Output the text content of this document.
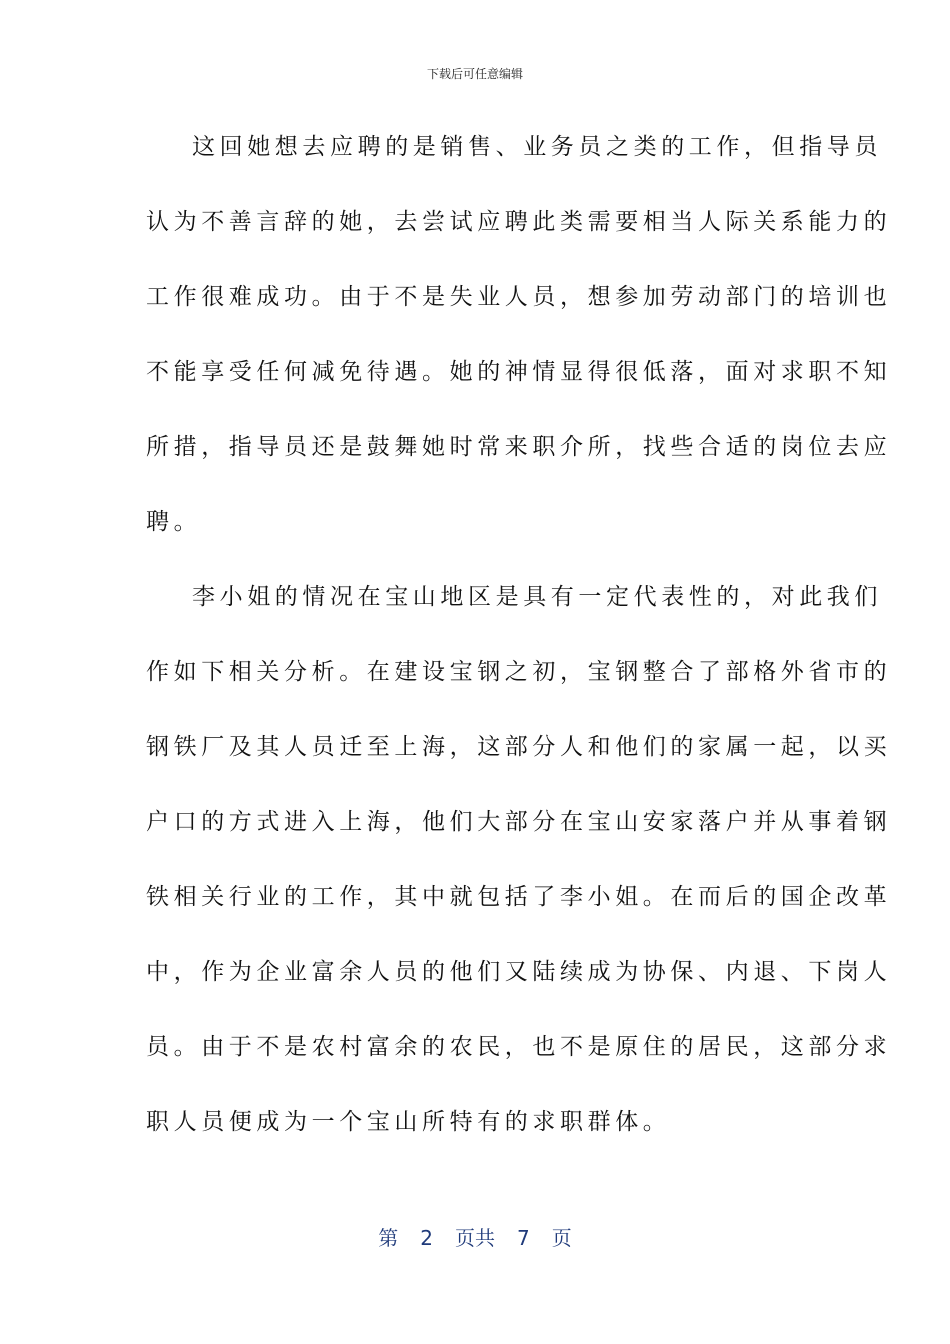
下载后可任意编辑
这回她想去应聘的是销售、业务员之类的工作，但指导员
认为不善言辞的她，去尝试应聘此类需要相当人际关系能力的
工作很难成功。由于不是失业人员，想参加劳动部门的培训也
不能享受任何减免待遇。她的神情显得很低落，面对求职不知
所措，指导员还是鼓舞她时常来职介所，找些合适的岗位去应
聘。
李小姐的情况在宝山地区是具有一定代表性的，对此我们
作如下相关分析。在建设宝钢之初，宝钢整合了部格外省市的
钢铁厂及其人员迁至上海，这部分人和他们的家属一起，以买
户口的方式进入上海，他们大部分在宝山安家落户并从事着钢
铁相关行业的工作，其中就包括了李小姐。在而后的国企改革
中，作为企业富余人员的他们又陆续成为协保、内退、下岗人
员。由于不是农村富余的农民，也不是原住的居民，这部分求
职人员便成为一个宝山所特有的求职群体。
第 2 页共 7 页
